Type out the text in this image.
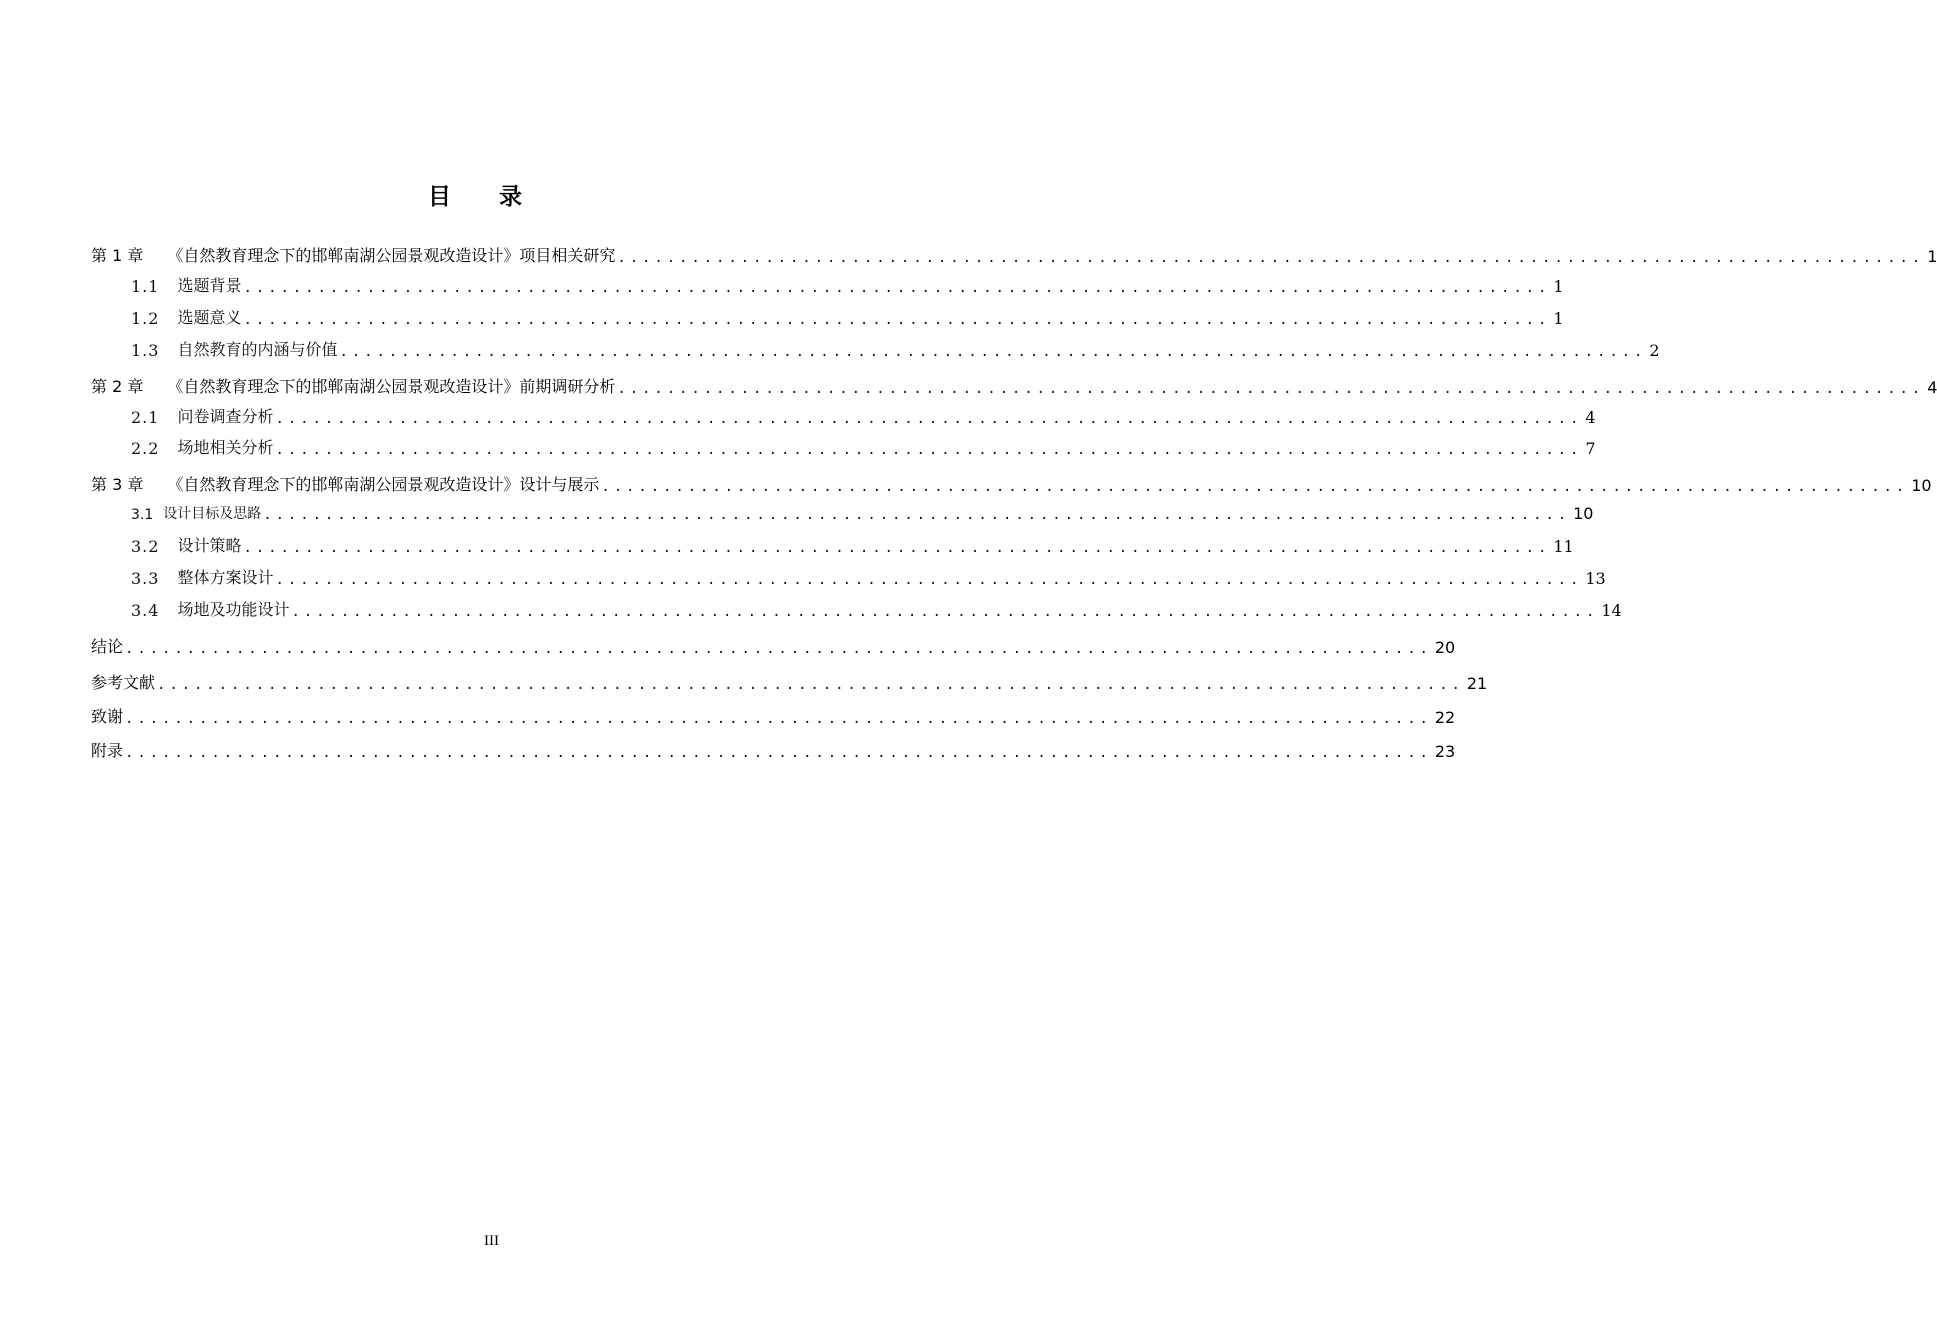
目 录
第 1 章 《自然教育理念下的邯郸南湖公园景观改造设计》项目相关研究 .......................................................................................................... 1
1.1 选题背景 .......................................................................................................... 1
1.2 选题意义 .......................................................................................................... 1
1.3 自然教育的内涵与价值 .......................................................................................................... 2
第 2 章 《自然教育理念下的邯郸南湖公园景观改造设计》前期调研分析 .......................................................................................................... 4
2.1 问卷调查分析 .......................................................................................................... 4
2.2 场地相关分析 .......................................................................................................... 7
第 3 章 《自然教育理念下的邯郸南湖公园景观改造设计》设计与展示 .......................................................................................................... 10
3.1 设计目标及思路 .......................................................................................................... 10
3.2 设计策略 .......................................................................................................... 11
3.3 整体方案设计 .......................................................................................................... 13
3.4 场地及功能设计 .......................................................................................................... 14
结论 .......................................................................................................... 20
参考文献 .......................................................................................................... 21
致谢 .......................................................................................................... 22
附录 .......................................................................................................... 23
III
